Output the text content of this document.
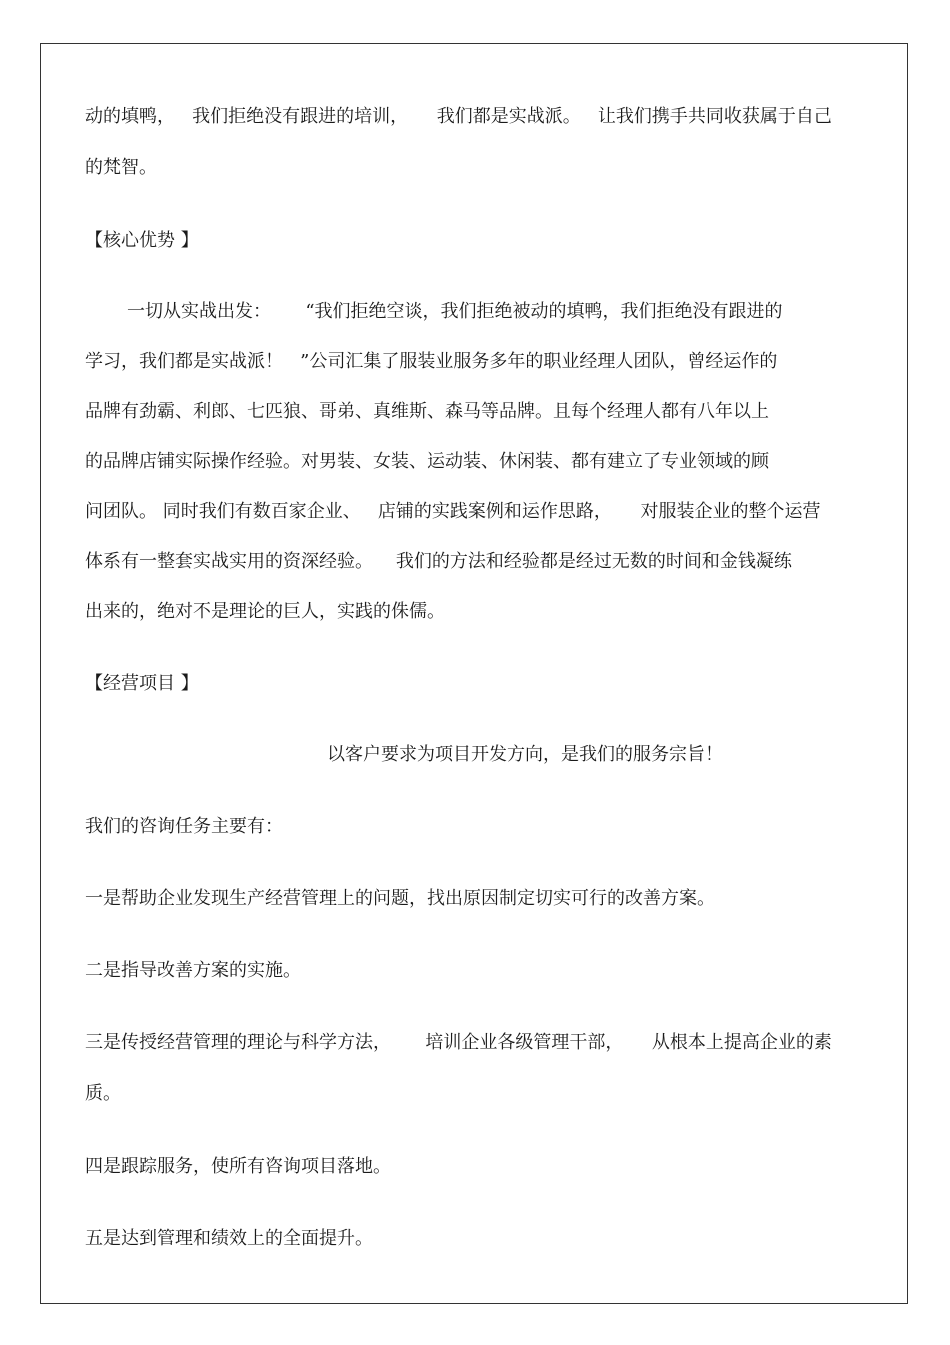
动的填鸭，   我们拒绝没有跟进的培训，     我们都是实战派。   让我们携手共同收获属于自己
的梵智。
【核心优势 】
一切从实战出发：      “我们拒绝空谈，我们拒绝被动的填鸭，我们拒绝没有跟进的
学习，我们都是实战派！   ”公司汇集了服装业服务多年的职业经理人团队，曾经运作的
品牌有劲霸、利郎、七匹狼、哥弟、真维斯、森马等品牌。且每个经理人都有八年以上
的品牌店铺实际操作经验。对男装、女装、运动装、休闲装、都有建立了专业领域的顾
问团队。 同时我们有数百家企业、   店铺的实践案例和运作思路，     对服装企业的整个运营
体系有一整套实战实用的资深经验。    我们的方法和经验都是经过无数的时间和金钱凝练
出来的，绝对不是理论的巨人，实践的侏儒。
【经营项目 】
以客户要求为项目开发方向，是我们的服务宗旨！
我们的咨询任务主要有：
一是帮助企业发现生产经营管理上的问题，找出原因制定切实可行的改善方案。
二是指导改善方案的实施。
三是传授经营管理的理论与科学方法，      培训企业各级管理干部，     从根本上提高企业的素
质。
四是跟踪服务，使所有咨询项目落地。
五是达到管理和绩效上的全面提升。
